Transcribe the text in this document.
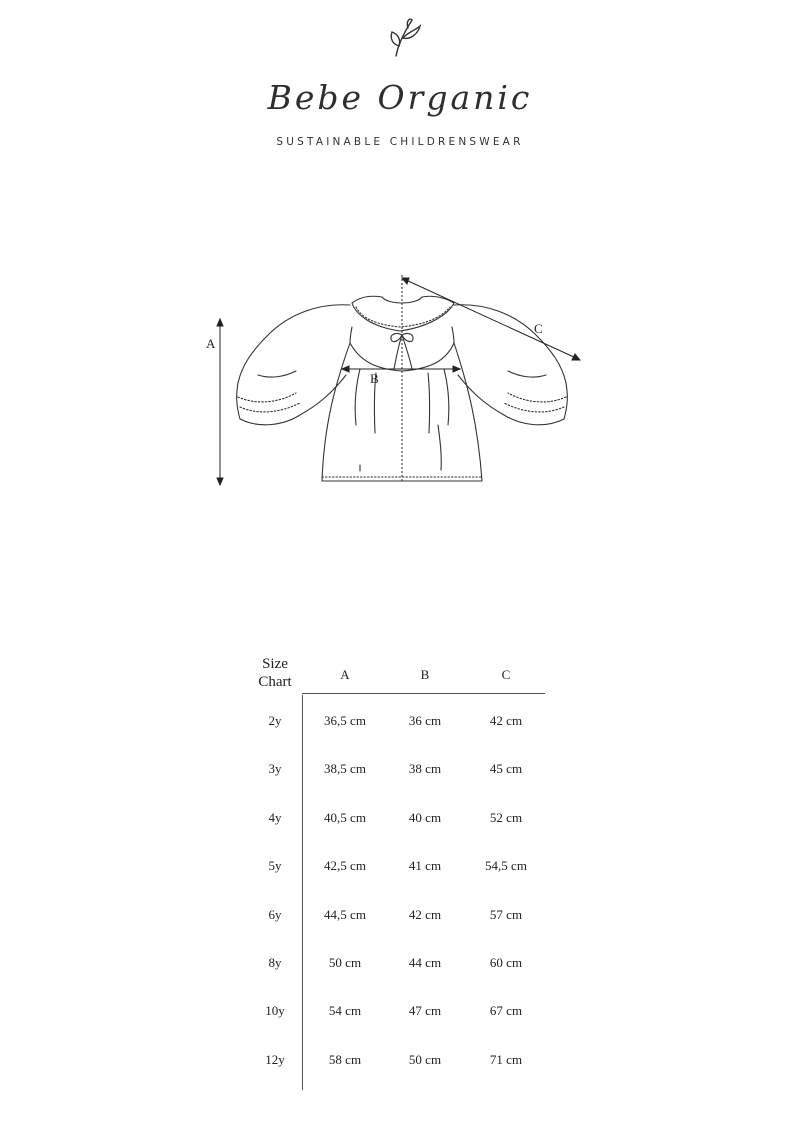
Bebe Organic
SUSTAINABLE CHILDRENSWEAR
A
B
C
Size
Chart	A	B	C
2y	36,5 cm	36 cm	42 cm
3y	38,5 cm	38 cm	45 cm
4y	40,5 cm	40 cm	52 cm
5y	42,5 cm	41 cm	54,5 cm
6y	44,5 cm	42 cm	57 cm
8y	50 cm	44 cm	60 cm
10y	54 cm	47 cm	67 cm
12y	58 cm	50 cm	71 cm
